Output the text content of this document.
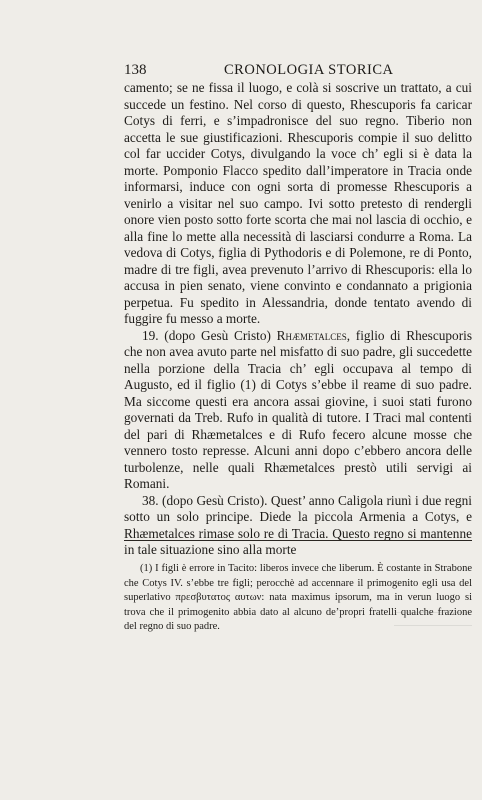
138	CRONOLOGIA STORICA

camento; se ne fissa il luogo, e colà si soscrive un trattato, a cui succede un festino. Nel corso di questo, Rhescuporis fa caricar Cotys di ferri, e s’impadronisce del suo regno. Tiberio non accetta le sue giustificazioni. Rhescuporis compie il suo delitto col far uccider Cotys, divulgando la voce ch’ egli si è data la morte. Pomponio Flacco spedito dall’imperatore in Tracia onde informarsi, induce con ogni sorta di promesse Rhescuporis a venirlo a visitar nel suo campo. Ivi sotto pretesto di rendergli onore vien posto sotto forte scorta che mai nol lascia di occhio, e alla fine lo mette alla necessità di lasciarsi condurre a Roma. La vedova di Cotys, figlia di Pythodoris e di Polemone, re di Ponto, madre di tre figli, avea prevenuto l’arrivo di Rhescuporis: ella lo accusa in pien senato, viene convinto e condannato a prigionia perpetua. Fu spedito in Alessandria, donde tentato avendo di fuggire fu messo a morte.

19. (dopo Gesù Cristo) Rhæmetalces, figlio di Rhescuporis che non avea avuto parte nel misfatto di suo padre, gli succedette nella porzione della Tracia ch’ egli occupava al tempo di Augusto, ed il figlio (1) di Cotys s’ebbe il reame di suo padre. Ma siccome questi era ancora assai giovine, i suoi stati furono governati da Treb. Rufo in qualità di tutore. I Traci mal contenti del pari di Rhæmetalces e di Rufo fecero alcune mosse che vennero tosto represse. Alcuni anni dopo c’ebbero ancora delle turbolenze, nelle quali Rhæmetalces prestò utili servigi ai Romani.

38. (dopo Gesù Cristo). Quest’ anno Caligola riunì i due regni sotto un solo principe. Diede la piccola Armenia a Cotys, e Rhæmetalces rimase solo re di Tracia. Questo regno si mantenne in tale situazione sino alla morte

(1) I figli è errore in Tacito: liberos invece che liberum. È costante in Strabone che Cotys IV. s’ebbe tre figli; perocchè ad accennare il primogenito egli usa del superlativo πρεσβυτατος αυτων: nata maximus ipsorum, ma in verun luogo si trova che il primogenito abbia dato al alcuno de’propri fratelli qualche frazione del regno di suo padre.
